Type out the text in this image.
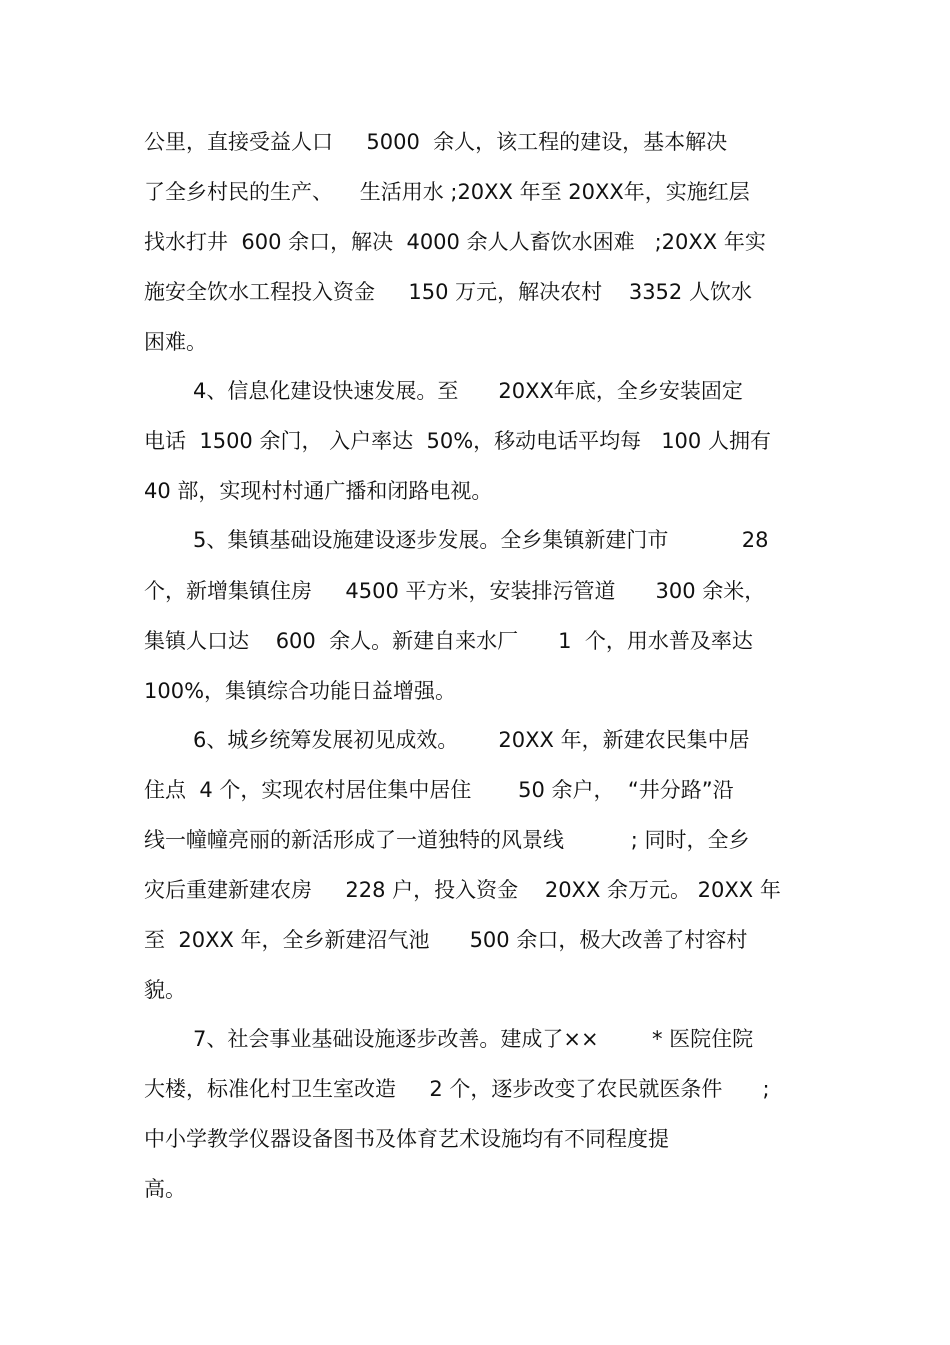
公里，直接受益人口     5000  余人，该工程的建设，基本解决
了全乡村民的生产、    生活用水 ;20XX 年至 20XX年，实施红层
找水打井  600 余口，解决  4000 余人人畜饮水困难   ;20XX 年实
施安全饮水工程投入资金     150 万元，解决农村    3352 人饮水
困难。
4、信息化建设快速发展。至      20XX年底，全乡安装固定
电话  1500 余门， 入户率达  50%，移动电话平均每   100 人拥有
40 部，实现村村通广播和闭路电视。
5、集镇基础设施建设逐步发展。全乡集镇新建门市           28
个，新增集镇住房     4500 平方米，安装排污管道      300 余米，
集镇人口达    600  余人。新建自来水厂      1  个，用水普及率达
100%，集镇综合功能日益增强。
6、城乡统筹发展初见成效。      20XX 年，新建农民集中居
住点  4 个，实现农村居住集中居住       50 余户，  “井分路”沿
线一幢幢亮丽的新活形成了一道独特的风景线          ; 同时，全乡
灾后重建新建农房     228 户，投入资金    20XX 余万元。 20XX 年
至  20XX 年，全乡新建沼气池      500 余口，极大改善了村容村
貌。
7、社会事业基础设施逐步改善。建成了××        * 医院住院
大楼，标准化村卫生室改造     2 个，逐步改变了农民就医条件      ;
中小学教学仪器设备图书及体育艺术设施均有不同程度提
高。
